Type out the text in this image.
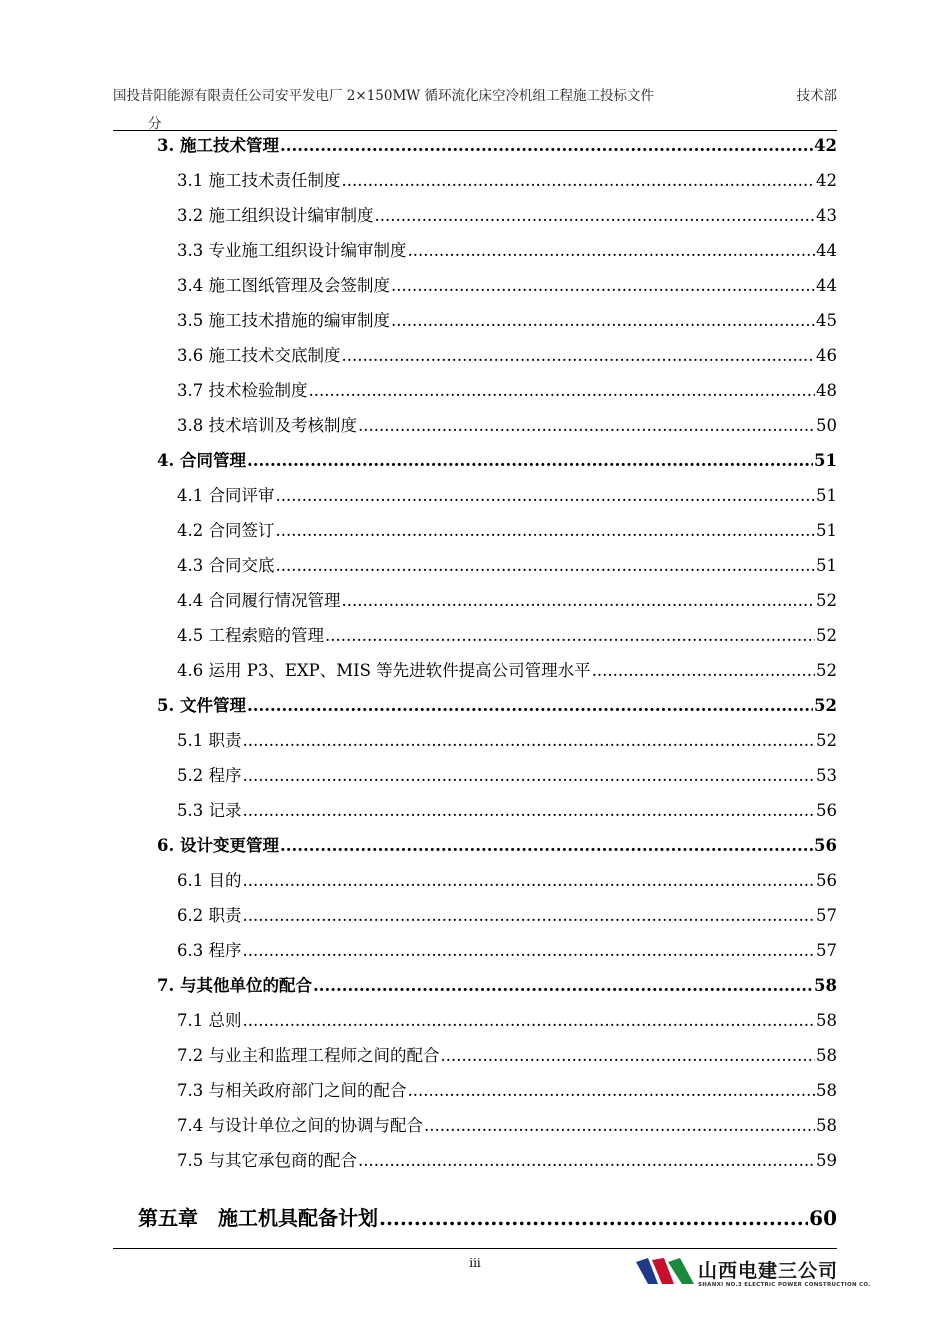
国投昔阳能源有限责任公司安平发电厂 2×150MW 循环流化床空冷机组工程施工投标文件	技术部
分
3. 施工技术管理 .....	42
3.1 施工技术责任制度 .....	42
3.2 施工组织设计编审制度 .....	43
3.3 专业施工组织设计编审制度 .....	44
3.4 施工图纸管理及会签制度 .....	44
3.5 施工技术措施的编审制度 .....	45
3.6 施工技术交底制度 .....	46
3.7 技术检验制度 .....	48
3.8 技术培训及考核制度 .....	50
4. 合同管理 .....	51
4.1 合同评审 .....	51
4.2 合同签订 .....	51
4.3 合同交底 .....	51
4.4 合同履行情况管理 .....	52
4.5 工程索赔的管理 .....	52
4.6 运用 P3、EXP、MIS 等先进软件提高公司管理水平 .....	52
5. 文件管理 .....	52
5.1 职责 .....	52
5.2 程序 .....	53
5.3 记录 .....	56
6. 设计变更管理 .....	56
6.1 目的 .....	56
6.2 职责 .....	57
6.3 程序 .....	57
7. 与其他单位的配合 .....	58
7.1 总则 .....	58
7.2 与业主和监理工程师之间的配合 .....	58
7.3 与相关政府部门之间的配合 .....	58
7.4 与设计单位之间的协调与配合 .....	58
7.5 与其它承包商的配合 .....	59
第五章　施工机具配备计划 .....	60
iii	山西电建三公司
SHANXI NO.3 ELECTRIC POWER CONSTRUCTION CO.
